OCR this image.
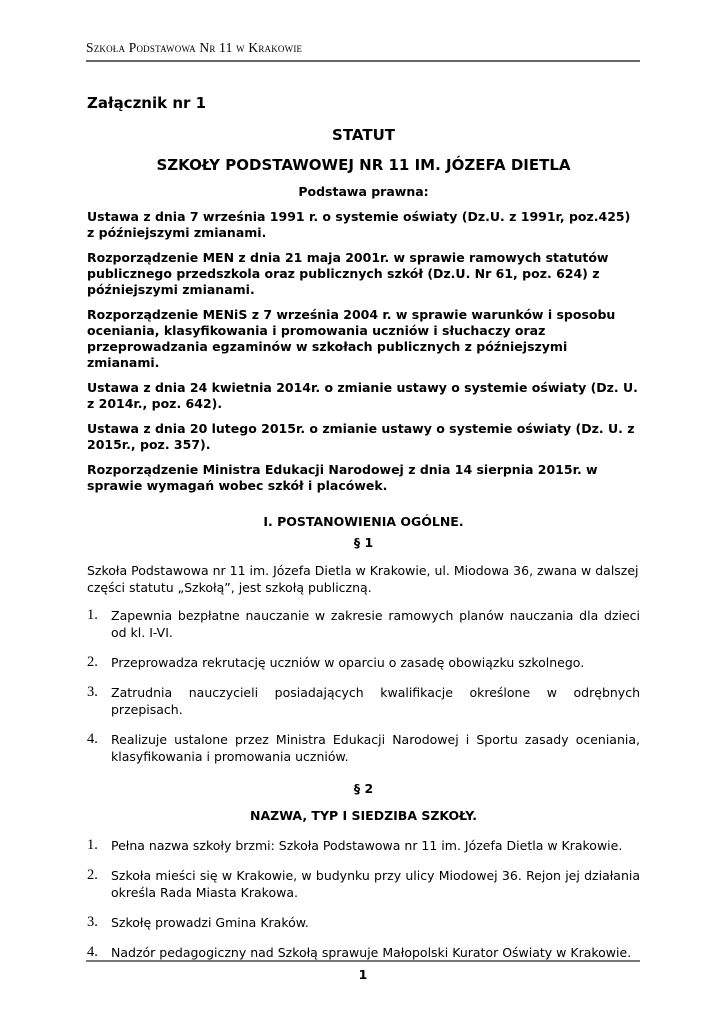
Szkoła Podstawowa Nr 11 w Krakowie

Załącznik nr 1

STATUT

SZKOŁY PODSTAWOWEJ NR 11 IM. JÓZEFA DIETLA

Podstawa prawna:

Ustawa z dnia 7 września 1991 r. o systemie oświaty (Dz.U. z 1991r, poz.425) z późniejszymi zmianami.

Rozporządzenie MEN z dnia 21 maja 2001r. w sprawie ramowych statutów publicznego przedszkola oraz publicznych szkół (Dz.U. Nr 61, poz. 624) z późniejszymi zmianami.

Rozporządzenie MENiS z 7 września 2004 r. w sprawie warunków i sposobu oceniania, klasyfikowania i promowania uczniów i słuchaczy oraz przeprowadzania egzaminów w szkołach publicznych z późniejszymi zmianami.

Ustawa z dnia 24 kwietnia 2014r. o zmianie ustawy o systemie oświaty (Dz. U. z 2014r., poz. 642).

Ustawa z dnia 20 lutego 2015r. o zmianie ustawy o systemie oświaty (Dz. U. z 2015r., poz. 357).

Rozporządzenie Ministra Edukacji Narodowej z dnia 14 sierpnia 2015r. w sprawie wymagań wobec szkół i placówek.

I. POSTANOWIENIA OGÓLNE.

§ 1

Szkoła Podstawowa nr 11 im. Józefa Dietla w Krakowie, ul. Miodowa 36, zwana w dalszej części statutu „Szkołą”, jest szkołą publiczną.

1. Zapewnia bezpłatne nauczanie w zakresie ramowych planów nauczania dla dzieci od kl. I-VI.
2. Przeprowadza rekrutację uczniów w oparciu o zasadę obowiązku szkolnego.
3. Zatrudnia nauczycieli posiadających kwalifikacje określone w odrębnych przepisach.
4. Realizuje ustalone przez Ministra Edukacji Narodowej i Sportu zasady oceniania, klasyfikowania i promowania uczniów.

§ 2

NAZWA, TYP I SIEDZIBA SZKOŁY.

1. Pełna nazwa szkoły brzmi: Szkoła Podstawowa nr 11 im. Józefa Dietla w Krakowie.
2. Szkoła mieści się w Krakowie, w budynku przy ulicy Miodowej 36. Rejon jej działania określa Rada Miasta Krakowa.
3. Szkołę prowadzi Gmina Kraków.
4. Nadzór pedagogiczny nad Szkołą sprawuje Małopolski Kurator Oświaty w Krakowie.
1
